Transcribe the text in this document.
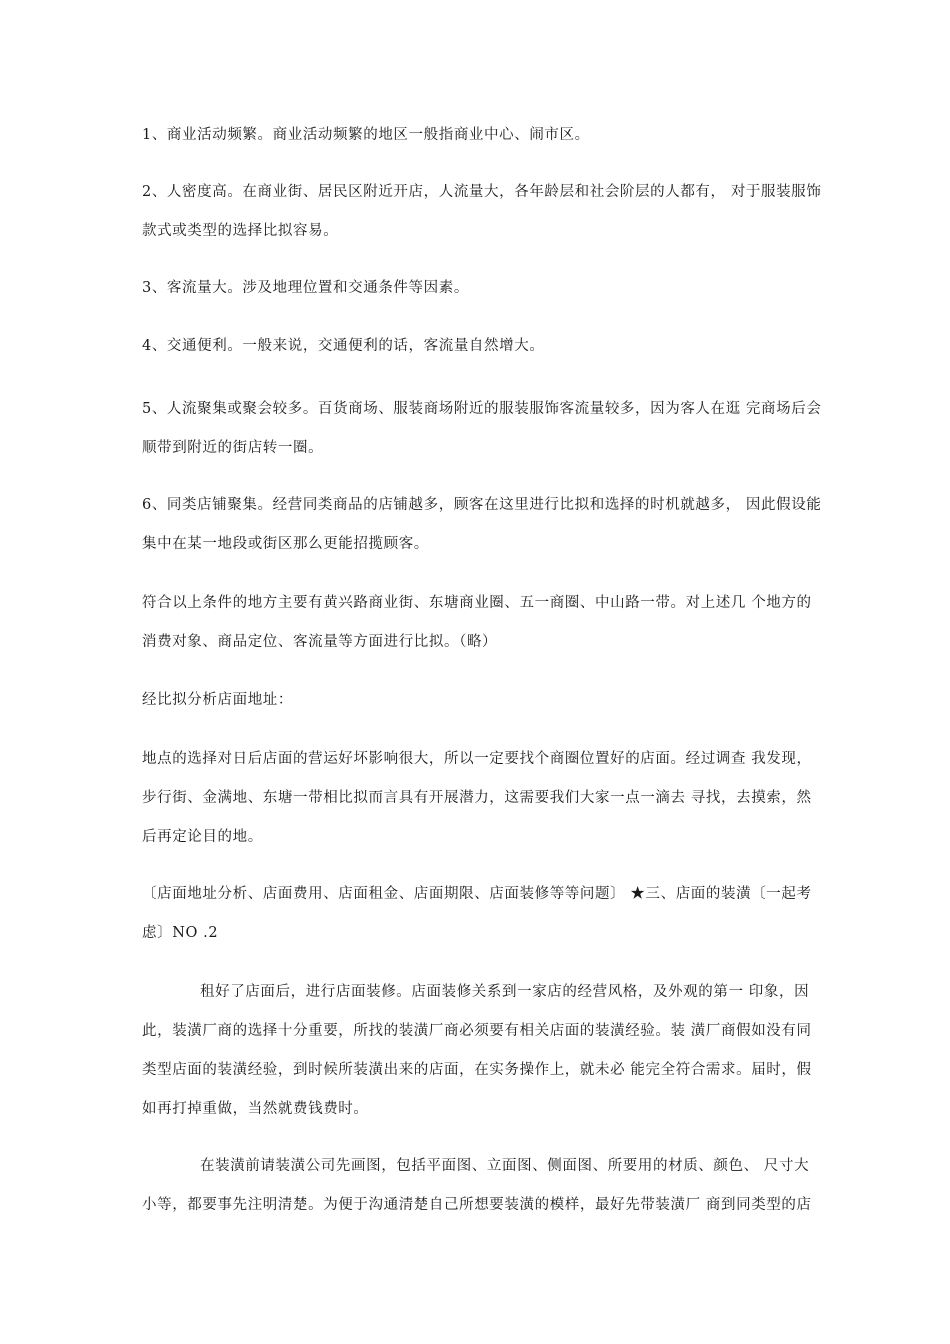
1、商业活动频繁。商业活动频繁的地区一般指商业中心、闹市区。
2、人密度高。在商业街、居民区附近开店，人流量大，各年龄层和社会阶层的人都有， 对于服装服饰
款式或类型的选择比拟容易。
3、客流量大。涉及地理位置和交通条件等因素。
4、交通便利。一般来说，交通便利的话，客流量自然增大。
5、人流聚集或聚会较多。百货商场、服装商场附近的服装服饰客流量较多，因为客人在逛 完商场后会
顺带到附近的街店转一圈。
6、同类店铺聚集。经营同类商品的店铺越多，顾客在这里进行比拟和选择的时机就越多， 因此假设能
集中在某一地段或街区那么更能招揽顾客。
符合以上条件的地方主要有黄兴路商业街、东塘商业圈、五一商圈、中山路一带。对上述几 个地方的
消费对象、商品定位、客流量等方面进行比拟。（略）
经比拟分析店面地址：
地点的选择对日后店面的营运好坏影响很大，所以一定要找个商圈位置好的店面。经过调查 我发现，
步行街、金满地、东塘一带相比拟而言具有开展潜力，这需要我们大家一点一滴去 寻找，去摸索，然
后再定论目的地。
〔店面地址分析、店面费用、店面租金、店面期限、店面装修等等问题〕 ★三、店面的装潢〔一起考
虑〕NO .2
租好了店面后，进行店面装修。店面装修关系到一家店的经营风格，及外观的第一 印象，因
此，装潢厂商的选择十分重要，所找的装潢厂商必须要有相关店面的装潢经验。装 潢厂商假如没有同
类型店面的装潢经验，到时候所装潢出来的店面，在实务操作上，就未必 能完全符合需求。届时，假
如再打掉重做，当然就费钱费时。
在装潢前请装潢公司先画图，包括平面图、立面图、侧面图、所要用的材质、颜色、 尺寸大
小等，都要事先注明清楚。为便于沟通清楚自己所想要装潢的模样，最好先带装潢厂 商到同类型的店
